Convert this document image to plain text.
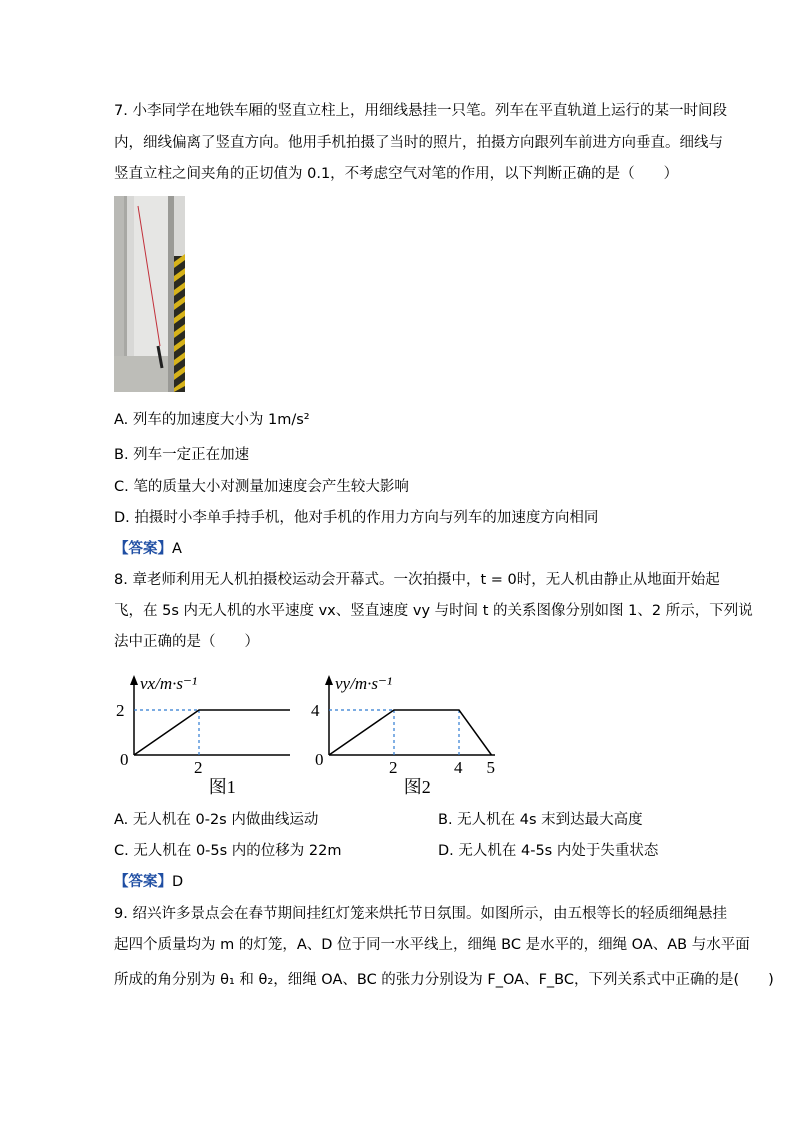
7. 小李同学在地铁车厢的竖直立柱上，用细线悬挂一只笔。列车在平直轨道上运行的某一时间段
内，细线偏离了竖直方向。他用手机拍摄了当时的照片，拍摄方向跟列车前进方向垂直。细线与
竖直立柱之间夹角的正切值为 0.1，不考虑空气对笔的作用，以下判断正确的是（　　）
A. 列车的加速度大小为 1m/s²
B. 列车一定正在加速
C. 笔的质量大小对测量加速度会产生较大影响
D. 拍摄时小李单手持手机，他对手机的作用力方向与列车的加速度方向相同
【答案】A
8. 章老师利用无人机拍摄校运动会开幕式。一次拍摄中，t = 0时，无人机由静止从地面开始起
飞，在 5s 内无人机的水平速度 vx、竖直速度 vy 与时间 t 的关系图像分别如图 1、2 所示，下列说
法中正确的是（　　）
vx/m·s⁻¹
0	2
2
图1
vy/m·s⁻¹
0	2	4 5
4
图2
A. 无人机在 0-2s 内做曲线运动	B. 无人机在 4s 末到达最大高度
C. 无人机在 0-5s 内的位移为 22m	D. 无人机在 4-5s 内处于失重状态
【答案】D
9. 绍兴许多景点会在春节期间挂红灯笼来烘托节日氛围。如图所示，由五根等长的轻质细绳悬挂
起四个质量均为 m 的灯笼，A、D 位于同一水平线上，细绳 BC 是水平的，细绳 OA、AB 与水平面
所成的角分别为 θ₁ 和 θ₂，细绳 OA、BC 的张力分别设为 F_OA、F_BC，下列关系式中正确的是(　　)
